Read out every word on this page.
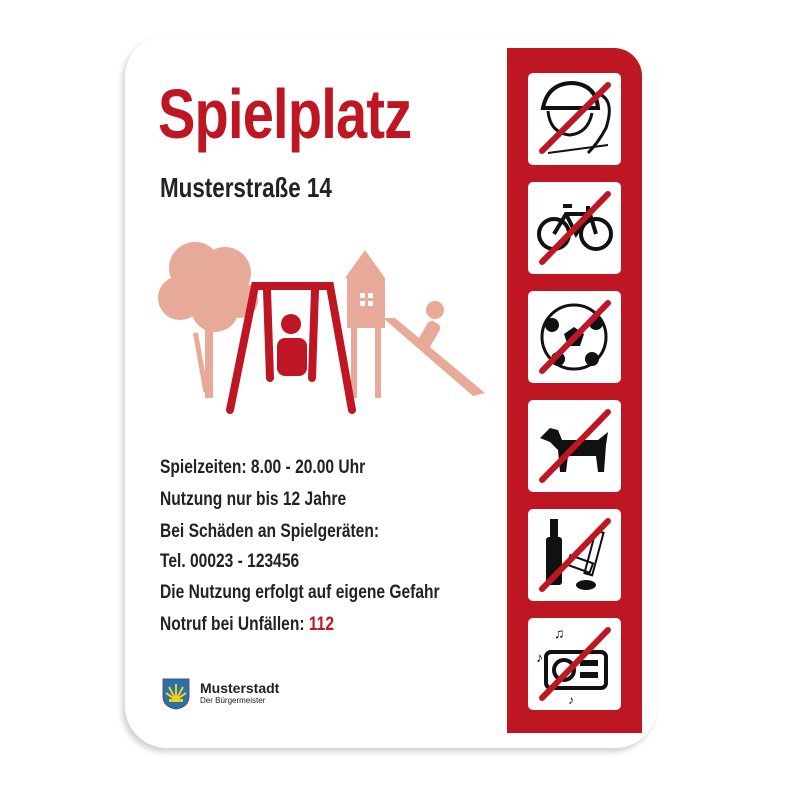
Spielplatz
Musterstraße 14
Spielzeiten: 8.00 - 20.00 Uhr
Nutzung nur bis 12 Jahre
Bei Schäden an Spielgeräten:
Tel. 00023 - 123456
Die Nutzung erfolgt auf eigene Gefahr
Notruf bei Unfällen: 112
Musterstadt
Der Bürgermeister
♪
♫
♪
